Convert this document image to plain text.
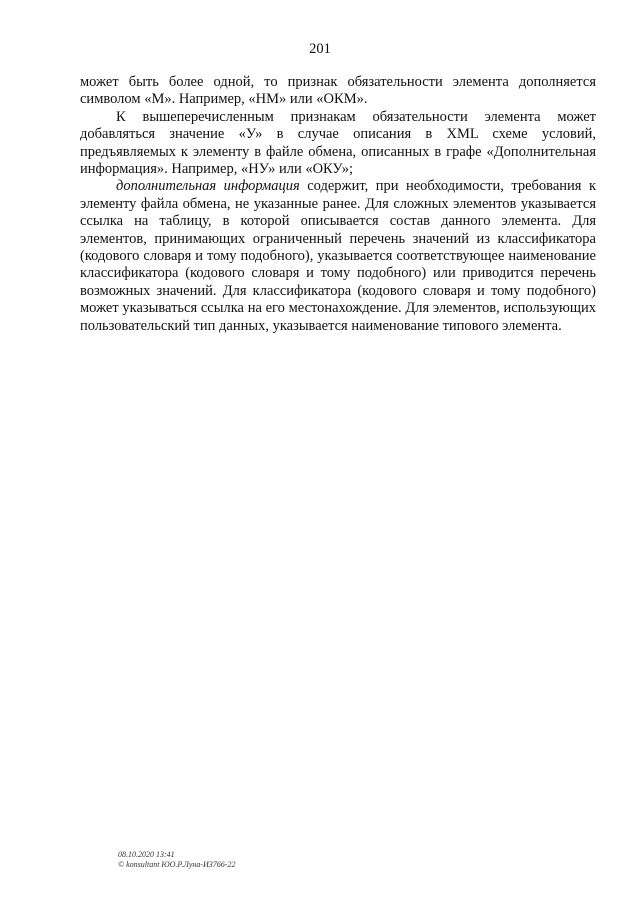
201

может быть более одной, то признак обязательности элемента дополняется символом «М». Например, «НМ» или «ОКМ».

К вышеперечисленным признакам обязательности элемента может добавляться значение «У» в случае описания в XML схеме условий, предъявляемых к элементу в файле обмена, описанных в графе «Дополнительная информация». Например, «НУ» или «ОКУ»;

дополнительная информация содержит, при необходимости, требования к элементу файла обмена, не указанные ранее. Для сложных элементов указывается ссылка на таблицу, в которой описывается состав данного элемента. Для элементов, принимающих ограниченный перечень значений из классификатора (кодового словаря и тому подобного), указывается соответствующее наименование классификатора (кодового словаря и тому подобного) или приводится перечень возможных значений. Для классификатора (кодового словаря и тому подобного) может указываться ссылка на его местонахождение. Для элементов, использующих пользовательский тип данных, указывается наименование типового элемента.

08.10.2020 13:41
© konsultant ЮО.Р.Луна-И3766-22
